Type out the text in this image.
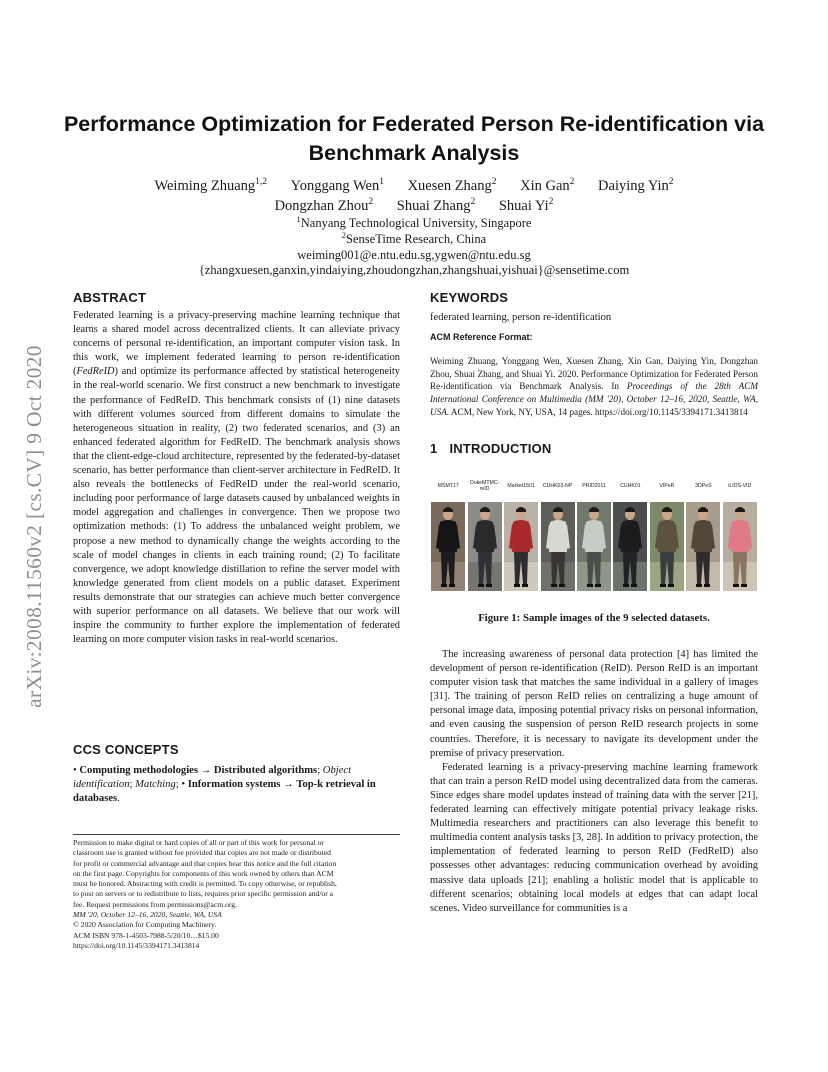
arXiv:2008.11560v2 [cs.CV] 9 Oct 2020
Performance Optimization for Federated Person Re-identification via Benchmark Analysis
Weiming Zhuang$^{1,2}$ Yonggang Wen$^1$ Xuesen Zhang$^2$ Xin Gan$^2$ Daiying Yin$^2$
Dongzhan Zhou$^2$ Shuai Zhang$^2$ Shuai Yi$^2$
$^1$Nanyang Technological University, Singapore
$^2$SenseTime Research, China
weiming001@e.ntu.edu.sg,ygwen@ntu.edu.sg
{zhangxuesen,ganxin,yindaiying,zhoudongzhan,zhangshuai,yishuai}@sensetime.com
ABSTRACT

Federated learning is a privacy-preserving machine learning technique that learns a shared model across decentralized clients. It can alleviate privacy concerns of personal re-identification, an important computer vision task. In this work, we implement federated learning to person re-identification (FedReID) and optimize its performance affected by statistical heterogeneity in the real-world scenario. We first construct a new benchmark to investigate the performance of FedReID. This benchmark consists of (1) nine datasets with different volumes sourced from different domains to simulate the heterogeneous situation in reality, (2) two federated scenarios, and (3) an enhanced federated algorithm for FedReID. The benchmark analysis shows that the client-edge-cloud architecture, represented by the federated-by-dataset scenario, has better performance than client-server architecture in FedReID. It also reveals the bottlenecks of FedReID under the real-world scenario, including poor performance of large datasets caused by unbalanced weights in model aggregation and challenges in convergence. Then we propose two optimization methods: (1) To address the unbalanced weight problem, we propose a new method to dynamically change the weights according to the scale of model changes in clients in each training round; (2) To facilitate convergence, we adopt knowledge distillation to refine the server model with knowledge generated from client models on a public dataset. Experiment results demonstrate that our strategies can achieve much better convergence with superior performance on all datasets. We believe that our work will inspire the community to further explore the implementation of federated learning on more computer vision tasks in real-world scenarios.

CCS CONCEPTS
• Computing methodologies → Distributed algorithms; Object identification; Matching; • Information systems → Top-k retrieval in databases.
Permission to make digital or hard copies of all or part of this work for personal or
classroom use is granted without fee provided that copies are not made or distributed
for profit or commercial advantage and that copies bear this notice and the full citation
on the first page. Copyrights for components of this work owned by others than ACM
must be honored. Abstracting with credit is permitted. To copy otherwise, or republish,
to post on servers or to redistribute to lists, requires prior specific permission and/or a
fee. Request permissions from permissions@acm.org.
MM '20, October 12–16, 2020, Seattle, WA, USA
© 2020 Association for Computing Machinery.
ACM ISBN 978-1-4503-7988-5/20/10…$15.00
https://doi.org/10.1145/3394171.3413814
KEYWORDS
federated learning, person re-identification
ACM Reference Format:

Weiming Zhuang, Yonggang Wen, Xuesen Zhang, Xin Gan, Daiying Yin, Dongzhan Zhou, Shuai Zhang, and Shuai Yi. 2020. Performance Optimization for Federated Person Re-identification via Benchmark Analysis. In Proceedings of the 28th ACM International Conference on Multimedia (MM '20), October 12–16, 2020, Seattle, WA, USA. ACM, New York, NY, USA, 14 pages. https://doi.org/10.1145/3394171.3413814

1 INTRODUCTION
MSMT17	DukeMTMC-reID	Market1501	CUHK03-NP	PRID2011	CUHK01	VIPeR	3DPeS	iLIDS-VID
Figure 1: Sample images of the 9 selected datasets.

The increasing awareness of personal data protection [4] has limited the development of person re-identification (ReID). Person ReID is an important computer vision task that matches the same individual in a gallery of images [31]. The training of person ReID relies on centralizing a huge amount of personal image data, imposing potential privacy risks on personal information, and even causing the suspension of person ReID research projects in some countries. Therefore, it is necessary to navigate its development under the premise of privacy preservation.

Federated learning is a privacy-preserving machine learning framework that can train a person ReID model using decentralized data from the cameras. Since edges share model updates instead of training data with the server [21], federated learning can effectively mitigate potential privacy leakage risks. Multimedia researchers and practitioners can also leverage this benefit to multimedia content analysis tasks [3, 28]. In addition to privacy protection, the implementation of federated learning to person ReID (FedReID) also possesses other advantages: reducing communication overhead by avoiding massive data uploads [21]; enabling a holistic model that is applicable to different scenarios; obtaining local models at edges that can adapt local scenes. Video surveillance for communities is a
